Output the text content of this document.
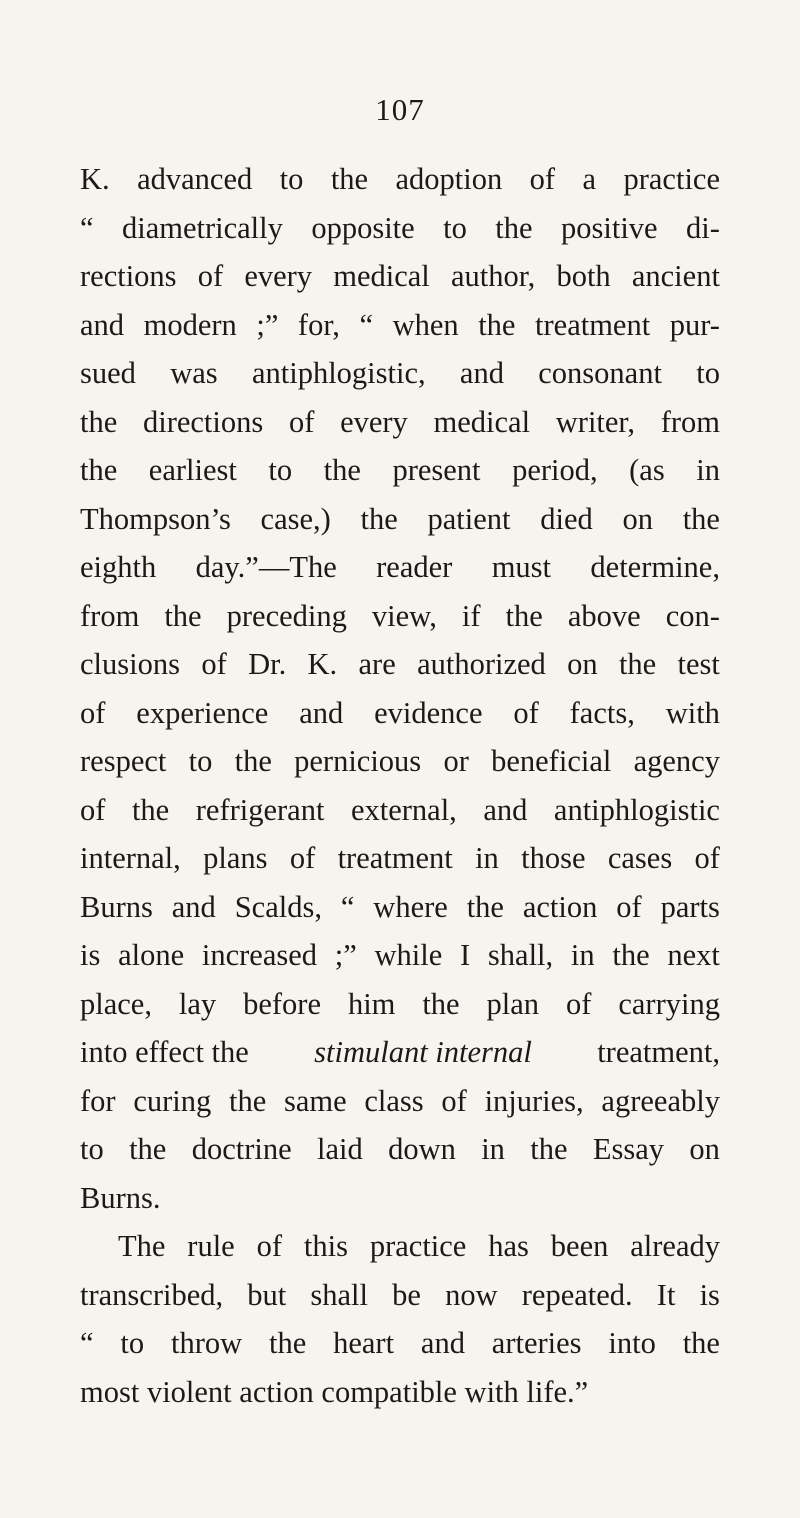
107
K. advanced to the adoption of a practice
“ diametrically opposite to the positive di-
rections of every medical author, both ancient
and modern ;” for, “ when the treatment pur-
sued was antiphlogistic, and consonant to
the directions of every medical writer, from
the earliest to the present period, (as in
Thompson’s case,) the patient died on the
eighth day.”—The reader must determine,
from the preceding view, if the above con-
clusions of Dr. K. are authorized on the test
of experience and evidence of facts, with
respect to the pernicious or beneficial agency
of the refrigerant external, and antiphlogistic
internal, plans of treatment in those cases of
Burns and Scalds, “ where the action of parts
is alone increased ;” while I shall, in the next
place, lay before him the plan of carrying
into effect the stimulant internal treatment,
for curing the same class of injuries, agreeably
to the doctrine laid down in the Essay on
Burns.
The rule of this practice has been already
transcribed, but shall be now repeated. It is
“ to throw the heart and arteries into the
most violent action compatible with life.”
